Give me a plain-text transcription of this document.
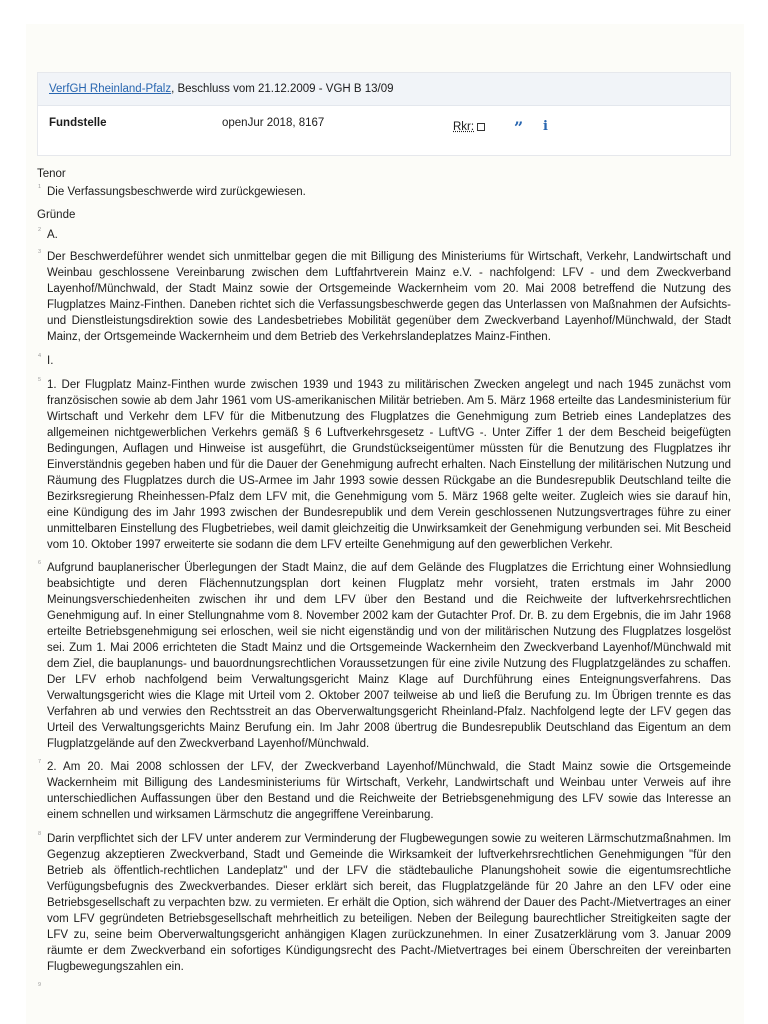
VerfGH Rheinland-Pfalz, Beschluss vom 21.12.2009 - VGH B 13/09
Fundstelle	openJur 2018, 8167	Rkr:	” i
Tenor

1 Die Verfassungsbeschwerde wird zurückgewiesen.

Gründe

2 A.

3 Der Beschwerdeführer wendet sich unmittelbar gegen die mit Billigung des Ministeriums für Wirtschaft, Verkehr, Landwirtschaft und Weinbau geschlossene Vereinbarung zwischen dem Luftfahrtverein Mainz e.V. - nachfolgend: LFV - und dem Zweckverband Layenhof/Münchwald, der Stadt Mainz sowie der Ortsgemeinde Wackernheim vom 20. Mai 2008 betreffend die Nutzung des Flugplatzes Mainz-Finthen. Daneben richtet sich die Verfassungsbeschwerde gegen das Unterlassen von Maßnahmen der Aufsichts- und Dienstleistungsdirektion sowie des Landesbetriebes Mobilität gegenüber dem Zweckverband Layenhof/Münchwald, der Stadt Mainz, der Ortsgemeinde Wackernheim und dem Betrieb des Verkehrslandeplatzes Mainz-Finthen.

4 I.

5 1. Der Flugplatz Mainz-Finthen wurde zwischen 1939 und 1943 zu militärischen Zwecken angelegt und nach 1945 zunächst vom französischen sowie ab dem Jahr 1961 vom US-amerikanischen Militär betrieben. Am 5. März 1968 erteilte das Landesministerium für Wirtschaft und Verkehr dem LFV für die Mitbenutzung des Flugplatzes die Genehmigung zum Betrieb eines Landeplatzes des allgemeinen nichtgewerblichen Verkehrs gemäß § 6 Luftverkehrsgesetz - LuftVG -. Unter Ziffer 1 der dem Bescheid beigefügten Bedingungen, Auflagen und Hinweise ist ausgeführt, die Grundstückseigentümer müssten für die Benutzung des Flugplatzes ihr Einverständnis gegeben haben und für die Dauer der Genehmigung aufrecht erhalten. Nach Einstellung der militärischen Nutzung und Räumung des Flugplatzes durch die US-Armee im Jahr 1993 sowie dessen Rückgabe an die Bundesrepublik Deutschland teilte die Bezirksregierung Rheinhessen-Pfalz dem LFV mit, die Genehmigung vom 5. März 1968 gelte weiter. Zugleich wies sie darauf hin, eine Kündigung des im Jahr 1993 zwischen der Bundesrepublik und dem Verein geschlossenen Nutzungsvertrages führe zu einer unmittelbaren Einstellung des Flugbetriebes, weil damit gleichzeitig die Unwirksamkeit der Genehmigung verbunden sei. Mit Bescheid vom 10. Oktober 1997 erweiterte sie sodann die dem LFV erteilte Genehmigung auf den gewerblichen Verkehr.

6 Aufgrund bauplanerischer Überlegungen der Stadt Mainz, die auf dem Gelände des Flugplatzes die Errichtung einer Wohnsiedlung beabsichtigte und deren Flächennutzungsplan dort keinen Flugplatz mehr vorsieht, traten erstmals im Jahr 2000 Meinungsverschiedenheiten zwischen ihr und dem LFV über den Bestand und die Reichweite der luftverkehrsrechtlichen Genehmigung auf. In einer Stellungnahme vom 8. November 2002 kam der Gutachter Prof. Dr. B. zu dem Ergebnis, die im Jahr 1968 erteilte Betriebsgenehmigung sei erloschen, weil sie nicht eigenständig und von der militärischen Nutzung des Flugplatzes losgelöst sei. Zum 1. Mai 2006 errichteten die Stadt Mainz und die Ortsgemeinde Wackernheim den Zweckverband Layenhof/Münchwald mit dem Ziel, die bauplanungs- und bauordnungsrechtlichen Voraussetzungen für eine zivile Nutzung des Flugplatzgeländes zu schaffen. Der LFV erhob nachfolgend beim Verwaltungsgericht Mainz Klage auf Durchführung eines Enteignungsverfahrens. Das Verwaltungsgericht wies die Klage mit Urteil vom 2. Oktober 2007 teilweise ab und ließ die Berufung zu. Im Übrigen trennte es das Verfahren ab und verwies den Rechtsstreit an das Oberverwaltungsgericht Rheinland-Pfalz. Nachfolgend legte der LFV gegen das Urteil des Verwaltungsgerichts Mainz Berufung ein. Im Jahr 2008 übertrug die Bundesrepublik Deutschland das Eigentum an dem Flugplatzgelände auf den Zweckverband Layenhof/Münchwald.

7 2. Am 20. Mai 2008 schlossen der LFV, der Zweckverband Layenhof/Münchwald, die Stadt Mainz sowie die Ortsgemeinde Wackernheim mit Billigung des Landesministeriums für Wirtschaft, Verkehr, Landwirtschaft und Weinbau unter Verweis auf ihre unterschiedlichen Auffassungen über den Bestand und die Reichweite der Betriebsgenehmigung des LFV sowie das Interesse an einem schnellen und wirksamen Lärmschutz die angegriffene Vereinbarung.

8 Darin verpflichtet sich der LFV unter anderem zur Verminderung der Flugbewegungen sowie zu weiteren Lärmschutzmaßnahmen. Im Gegenzug akzeptieren Zweckverband, Stadt und Gemeinde die Wirksamkeit der luftverkehrsrechtlichen Genehmigungen "für den Betrieb als öffentlich-rechtlichen Landeplatz" und der LFV die städtebauliche Planungshoheit sowie die eigentumsrechtliche Verfügungsbefugnis des Zweckverbandes. Dieser erklärt sich bereit, das Flugplatzgelände für 20 Jahre an den LFV oder eine Betriebsgesellschaft zu verpachten bzw. zu vermieten. Er erhält die Option, sich während der Dauer des Pacht-/Mietvertrages an einer vom LFV gegründeten Betriebsgesellschaft mehrheitlich zu beteiligen. Neben der Beilegung baurechtlicher Streitigkeiten sagte der LFV zu, seine beim Oberverwaltungsgericht anhängigen Klagen zurückzunehmen. In einer Zusatzerklärung vom 3. Januar 2009 räumte er dem Zweckverband ein sofortiges Kündigungsrecht des Pacht-/Mietvertrages bei einem Überschreiten der vereinbarten Flugbewegungszahlen ein.

9
